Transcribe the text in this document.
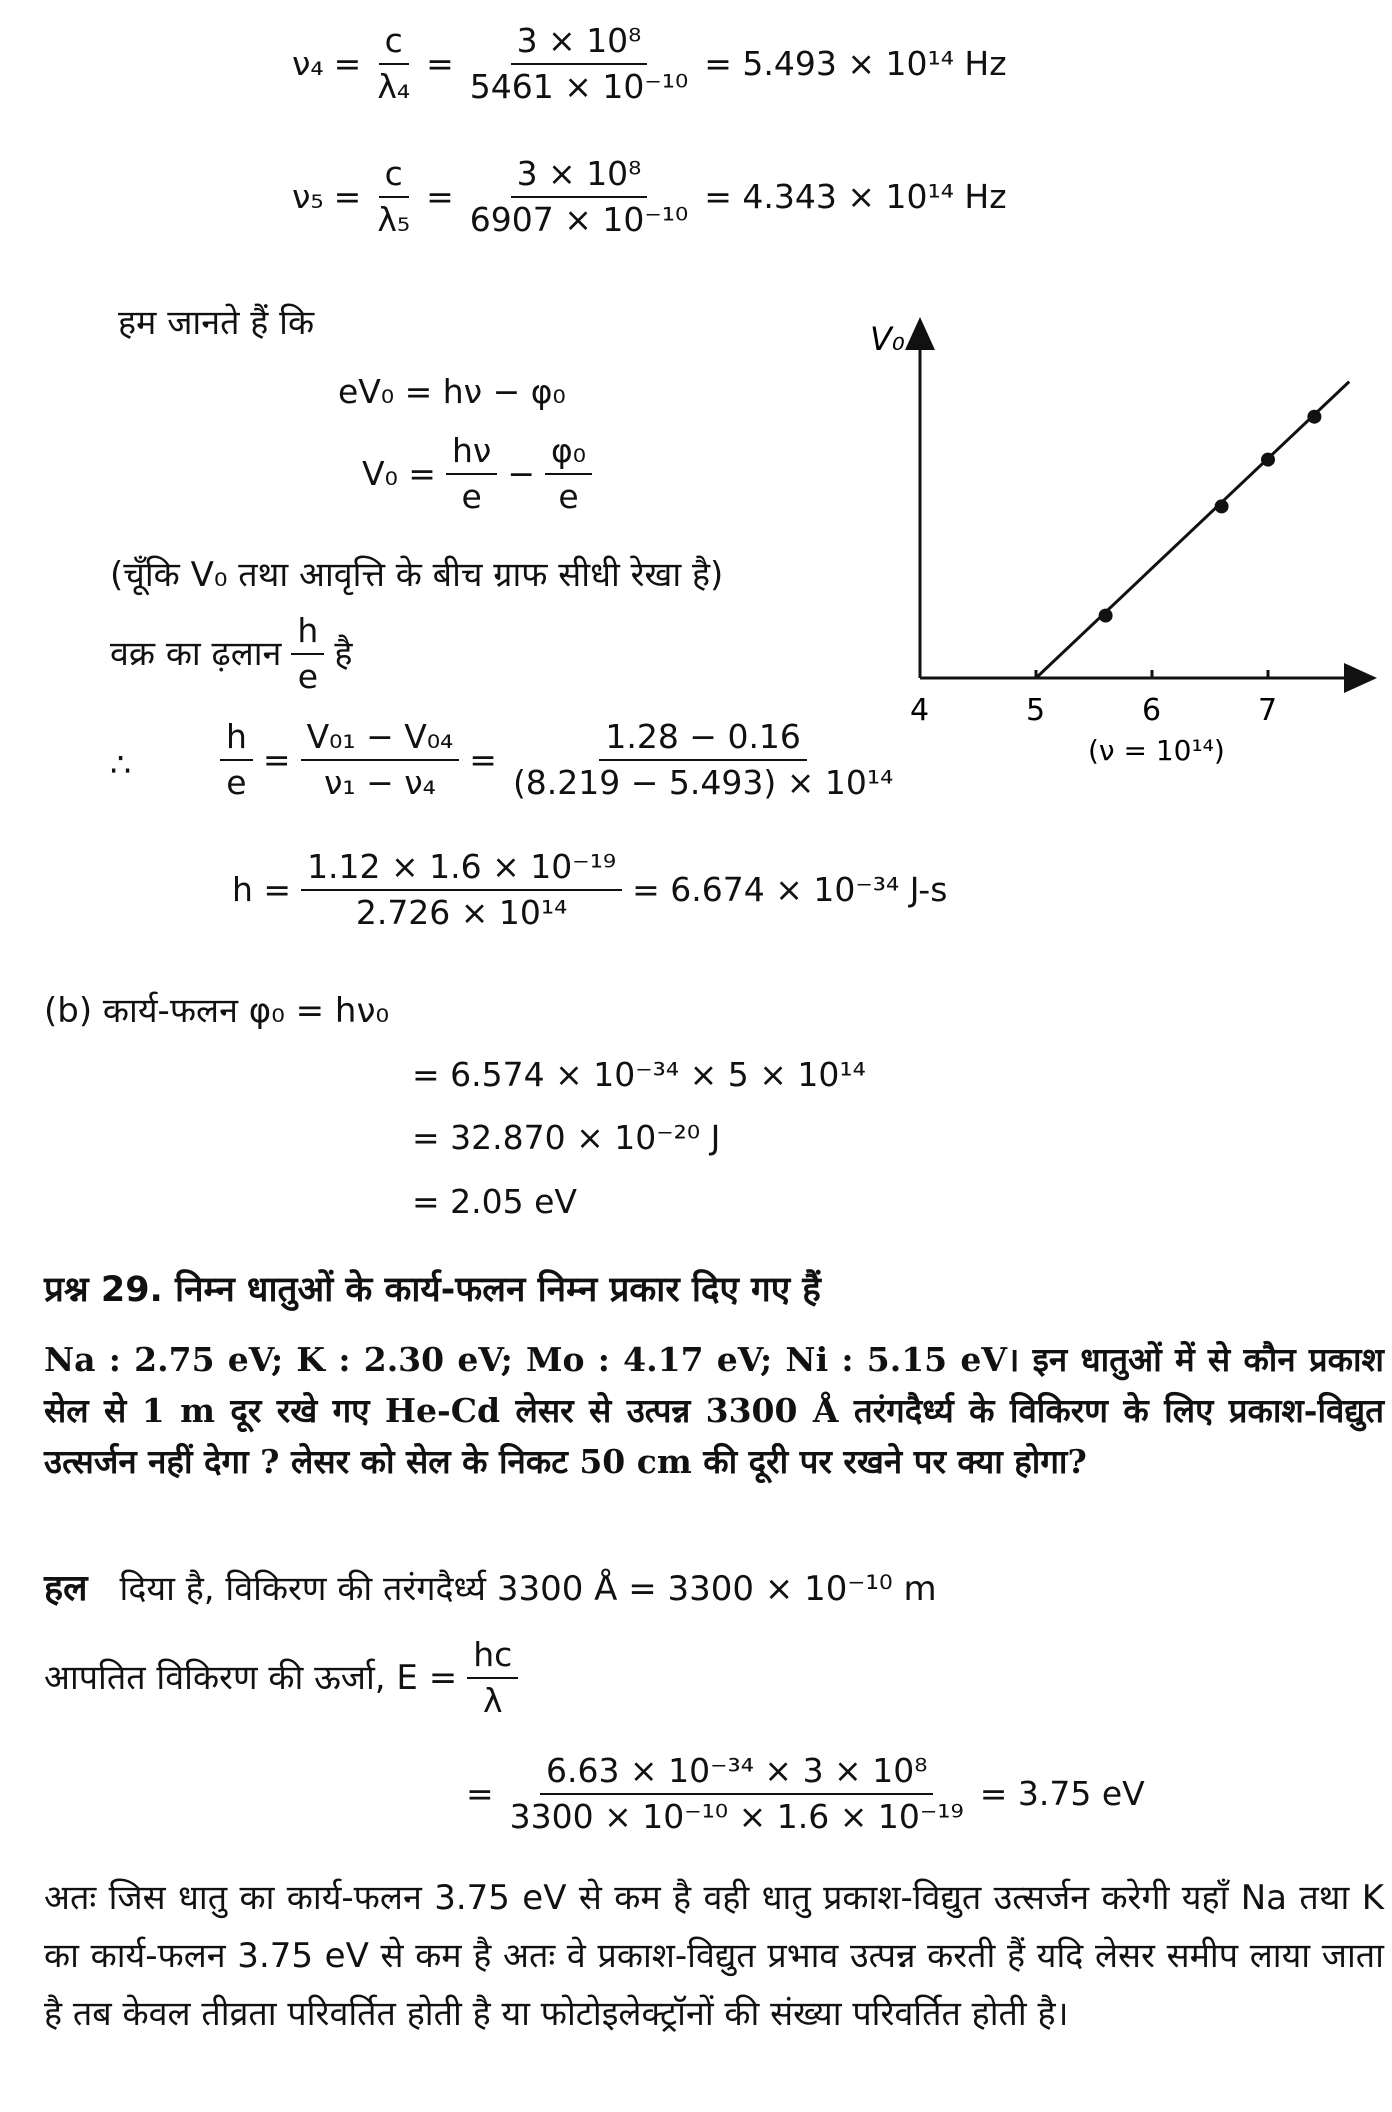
$\nu_4 = \frac{c}{\text{λ₄}} = \frac{\text{3 × 10⁸}}{\text{5461 × 10⁻¹⁰}} = 5.493 \times 10^{14}$ Hz
$\nu_5 = \frac{c}{\text{λ₅}} = \frac{\text{3 × 10⁸}}{\text{6907 × 10⁻¹⁰}} = 4.343 \times 10^{14}$ Hz
हम जानते हैं कि
eV₀ = hν − φ₀
$V_0 = \frac{h\nu}{e} - \frac{\text{φ₀}}{e}$
(चूँकि V₀ तथा आवृत्ति के बीच ग्राफ सीधी रेखा है)
वक्र का ढ़लान $\frac{h}{e}$ है
∴	$\frac{h}{e} = \frac{\text{V₀₁ − V₀₄}}{\text{ν₁ − ν₄}} = \frac{1.28 - 0.16}{\text{(8.219 − 5.493) × 10¹⁴}}$
$h = \frac{\text{1.12 × 1.6 × 10⁻¹⁹}}{\text{2.726 × 10¹⁴}} = 6.674 \times 10^{-34}$ J-s
(b) कार्य-फलन φ₀ = hν₀
= 6.574 × 10⁻³⁴ × 5 × 10¹⁴
= 32.870 × 10⁻²⁰ J
= 2.05 eV
प्रश्न 29. निम्न धातुओं के कार्य-फलन निम्न प्रकार दिए गए हैं
Na : 2.75 eV; K : 2.30 eV; Mo : 4.17 eV; Ni : 5.15 eV। इन धातुओं में से कौन प्रकाश सेल से 1 m दूर रखे गए He-Cd लेसर से उत्पन्न 3300 Å तरंगदैर्ध्य के विकिरण के लिए प्रकाश-विद्युत उत्सर्जन नहीं देगा ? लेसर को सेल के निकट 50 cm की दूरी पर रखने पर क्या होगा?
हल दिया है, विकिरण की तरंगदैर्ध्य 3300 Å = 3300 × 10⁻¹⁰ m
आपतित विकिरण की ऊर्जा, $E = \frac{hc}{\lambda}$
= $\frac{\text{6.63 × 10⁻³⁴ × 3 × 10⁸}}{\text{3300 × 10⁻¹⁰ × 1.6 × 10⁻¹⁹}} = 3.75$ eV
अतः जिस धातु का कार्य-फलन 3.75 eV से कम है वही धातु प्रकाश-विद्युत उत्सर्जन करेगी यहाँ Na तथा K का कार्य-फलन 3.75 eV से कम है अतः वे प्रकाश-विद्युत प्रभाव उत्पन्न करती हैं यदि लेसर समीप लाया जाता है तब केवल तीव्रता परिवर्तित होती है या फोटोइलेक्ट्रॉनों की संख्या परिवर्तित होती है।
V₀
(ν = 10¹⁴)
4	5	6	7
